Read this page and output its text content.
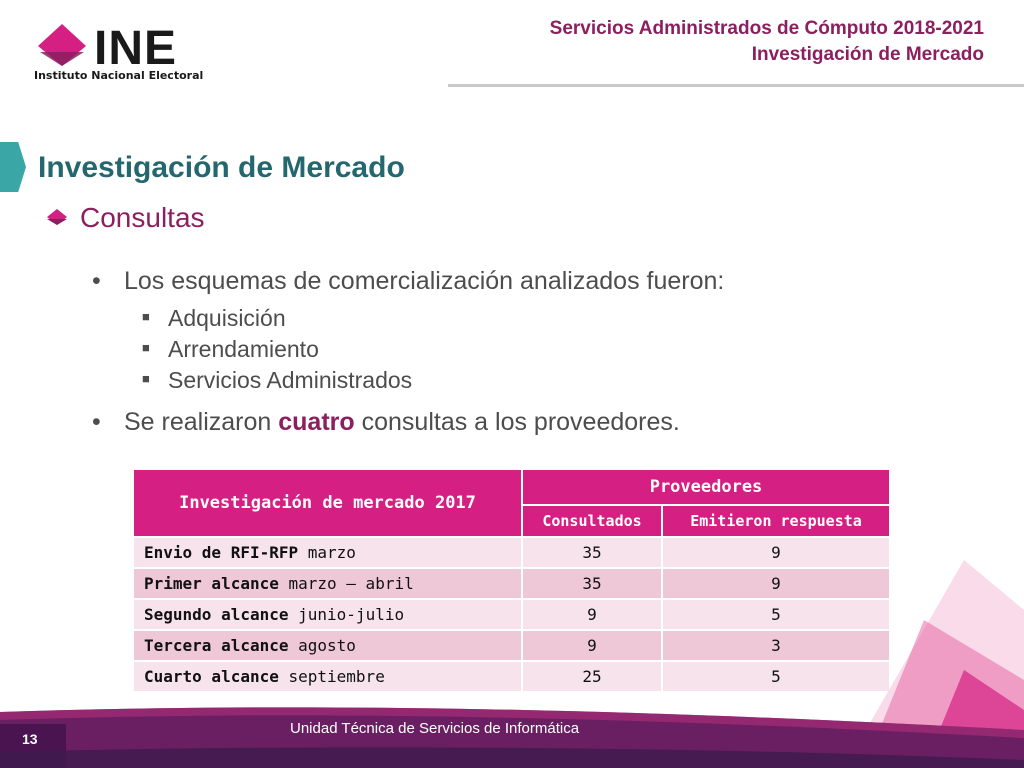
INE
Instituto Nacional Electoral
Servicios Administrados de Cómputo 2018-2021
Investigación de Mercado
Investigación de Mercado
Consultas
• Los esquemas de comercialización analizados fueron:
■ Adquisición
■ Arrendamiento
■ Servicios Administrados
• Se realizaron cuatro consultas a los proveedores.
Investigación de mercado 2017	Proveedores	
	Consultados	Emitieron respuesta
Envio de RFI-RFP marzo	35	9
Primer alcance marzo – abril	35	9
Segundo alcance junio-julio	9	5
Tercera alcance agosto	9	3
Cuarto alcance septiembre	25	5
13
Unidad Técnica de Servicios de Informática
